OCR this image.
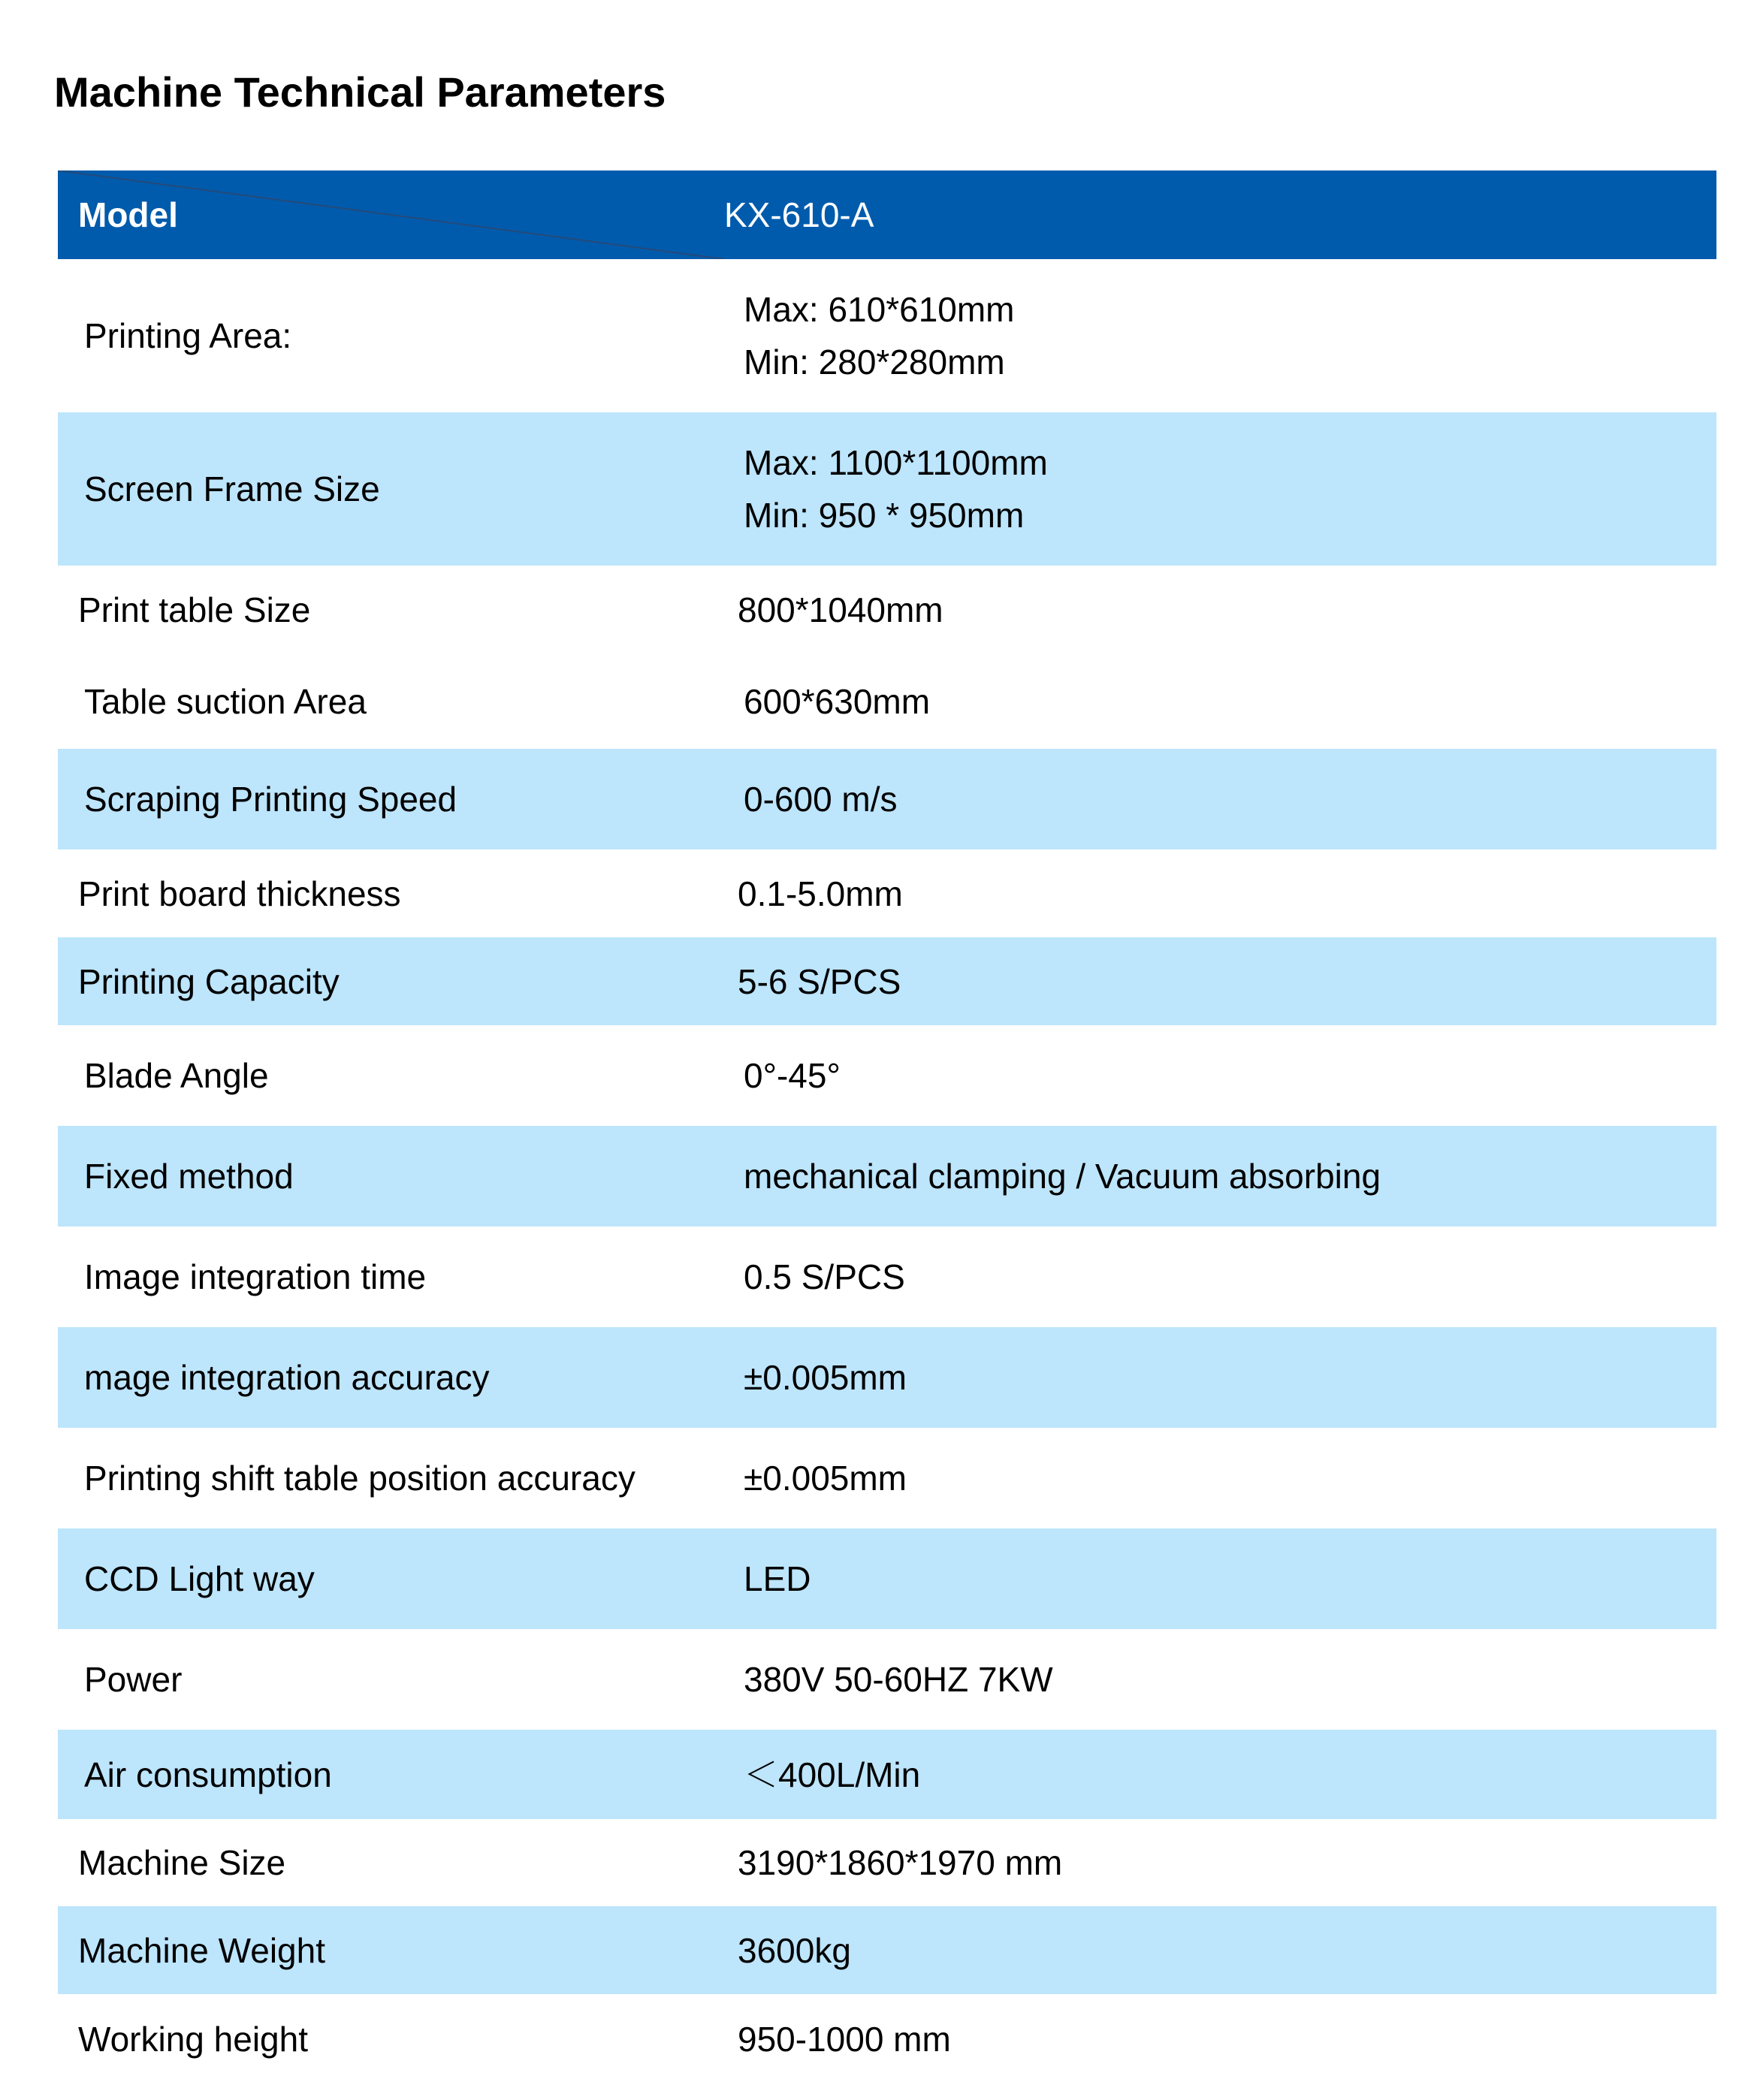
Machine Technical Parameters
Model	KX-610-A

Printing Area:	Max: 610*610mm
Min: 280*280mm

Screen Frame Size	Max: 1100*1100mm
Min: 950 * 950mm

Print table Size	800*1040mm

Table suction Area	600*630mm

Scraping Printing Speed	0-600 m/s

Print board thickness	0.1-5.0mm

Printing Capacity	5-6 S/PCS

Blade Angle	0°-45°

Fixed method	mechanical clamping / Vacuum absorbing

Image integration time	0.5 S/PCS

mage integration accuracy	±0.005mm

Printing shift table position accuracy	±0.005mm

CCD Light way	LED

Power	380V 50-60HZ 7KW

Air consumption	＜400L/Min

Machine Size	3190*1860*1970 mm

Machine Weight	3600kg

Working height	950-1000 mm
